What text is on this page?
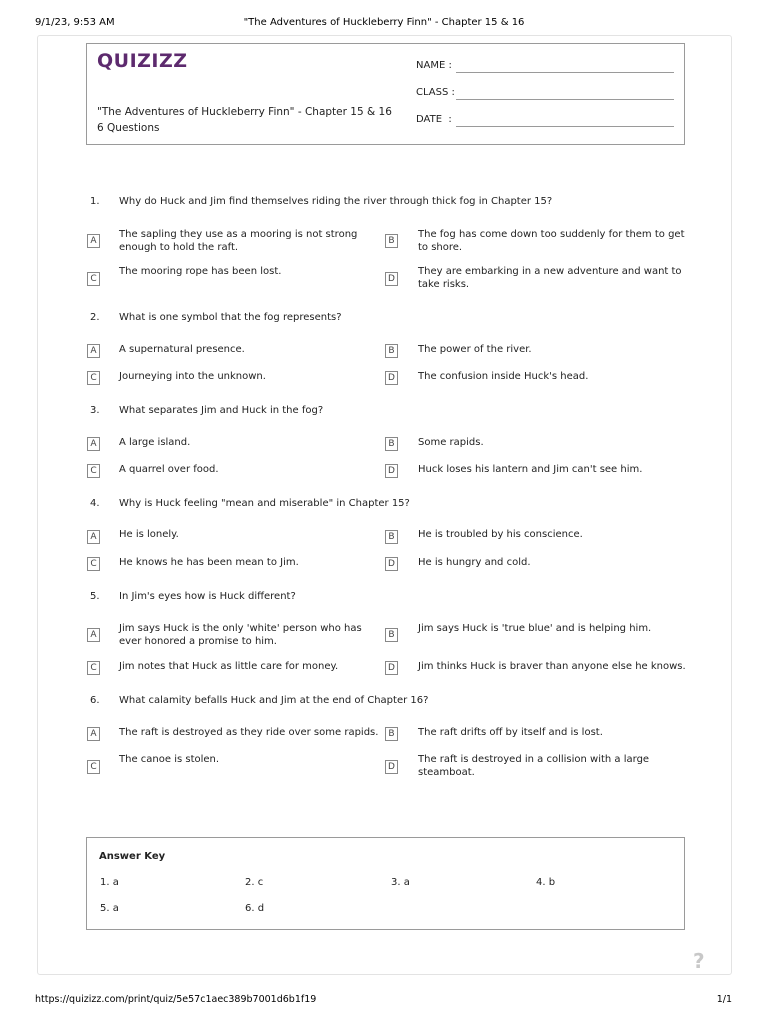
9/1/23, 9:53 AM	"The Adventures of Huckleberry Finn" - Chapter 15 & 16
https://quizizz.com/print/quiz/5e57c1aec389b7001d6b1f19	1/1
QUIZIZZ
"The Adventures of Huckleberry Finn" - Chapter 15 & 16
6 Questions
NAME :
CLASS :
DATE  :
1. Why do Huck and Jim find themselves riding the river through thick fog in Chapter 15?
A
The sapling they use as a mooring is not strong enough to hold the raft.
B
The fog has come down too suddenly for them to get to shore.
C
The mooring rope has been lost.
D
They are embarking in a new adventure and want to take risks.
2. What is one symbol that the fog represents?
A	A supernatural presence.	B	The power of the river.
C	Journeying into the unknown.	D	The confusion inside Huck's head.
3. What separates Jim and Huck in the fog?
A	A large island.	B	Some rapids.
C	A quarrel over food.	D	Huck loses his lantern and Jim can't see him.
4. Why is Huck feeling "mean and miserable" in Chapter 15?
A	He is lonely.	B	He is troubled by his conscience.
C	He knows he has been mean to Jim.	D	He is hungry and cold.
5. In Jim's eyes how is Huck different?
A
Jim says Huck is the only 'white' person who has ever honored a promise to him.
B
Jim says Huck is 'true blue' and is helping him.
C	Jim notes that Huck as little care for money.	D	Jim thinks Huck is braver than anyone else he knows.
6. What calamity befalls Huck and Jim at the end of Chapter 16?
A	The raft is destroyed as they ride over some rapids.	B	The raft drifts off by itself and is lost.
C
The canoe is stolen.
D
The raft is destroyed in a collision with a large steamboat.
Answer Key
1. a	2. c	3. a	4. b
5. a	6. d
?
